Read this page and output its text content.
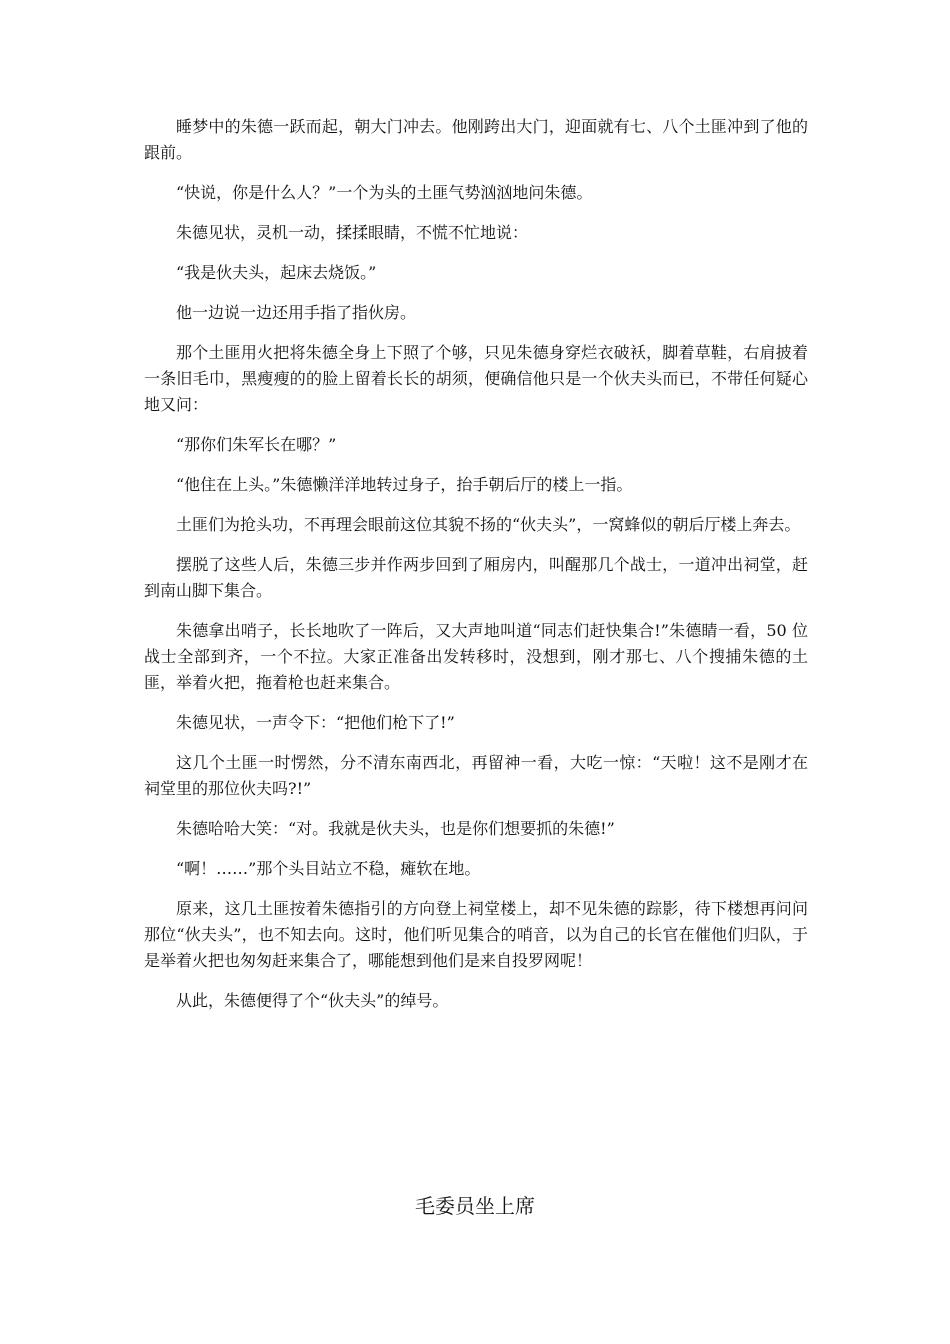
睡梦中的朱德一跃而起，朝大门冲去。他刚跨出大门，迎面就有七、八个土匪冲到了他的跟前。

“快说，你是什么人？”一个为头的土匪气势汹汹地问朱德。

朱德见状，灵机一动，揉揉眼睛，不慌不忙地说：

“我是伙夫头，起床去烧饭。”

他一边说一边还用手指了指伙房。

那个土匪用火把将朱德全身上下照了个够，只见朱德身穿烂衣破袄，脚着草鞋，右肩披着一条旧毛巾，黑瘦瘦的的脸上留着长长的胡须，便确信他只是一个伙夫头而已，不带任何疑心地又问：

“那你们朱军长在哪？”

“他住在上头。”朱德懒洋洋地转过身子，抬手朝后厅的楼上一指。

土匪们为抢头功，不再理会眼前这位其貌不扬的“伙夫头”，一窝蜂似的朝后厅楼上奔去。

摆脱了这些人后，朱德三步并作两步回到了厢房内，叫醒那几个战士，一道冲出祠堂，赶到南山脚下集合。

朱德拿出哨子，长长地吹了一阵后，又大声地叫道“同志们赶快集合!”朱德睛一看，50 位战士全部到齐，一个不拉。大家正准备出发转移时，没想到，刚才那七、八个搜捕朱德的土匪，举着火把，拖着枪也赶来集合。

朱德见状，一声令下：“把他们枪下了!”

这几个土匪一时愣然，分不清东南西北，再留神一看，大吃一惊：“天啦！这不是刚才在祠堂里的那位伙夫吗?!”

朱德哈哈大笑：“对。我就是伙夫头，也是你们想要抓的朱德!”

“啊！……”那个头目站立不稳，瘫软在地。

原来，这几土匪按着朱德指引的方向登上祠堂楼上，却不见朱德的踪影，待下楼想再问问那位“伙夫头”，也不知去向。这时，他们听见集合的哨音，以为自己的长官在催他们归队，于是举着火把也匆匆赶来集合了，哪能想到他们是来自投罗网呢！

从此，朱德便得了个“伙夫头”的绰号。

毛委员坐上席
